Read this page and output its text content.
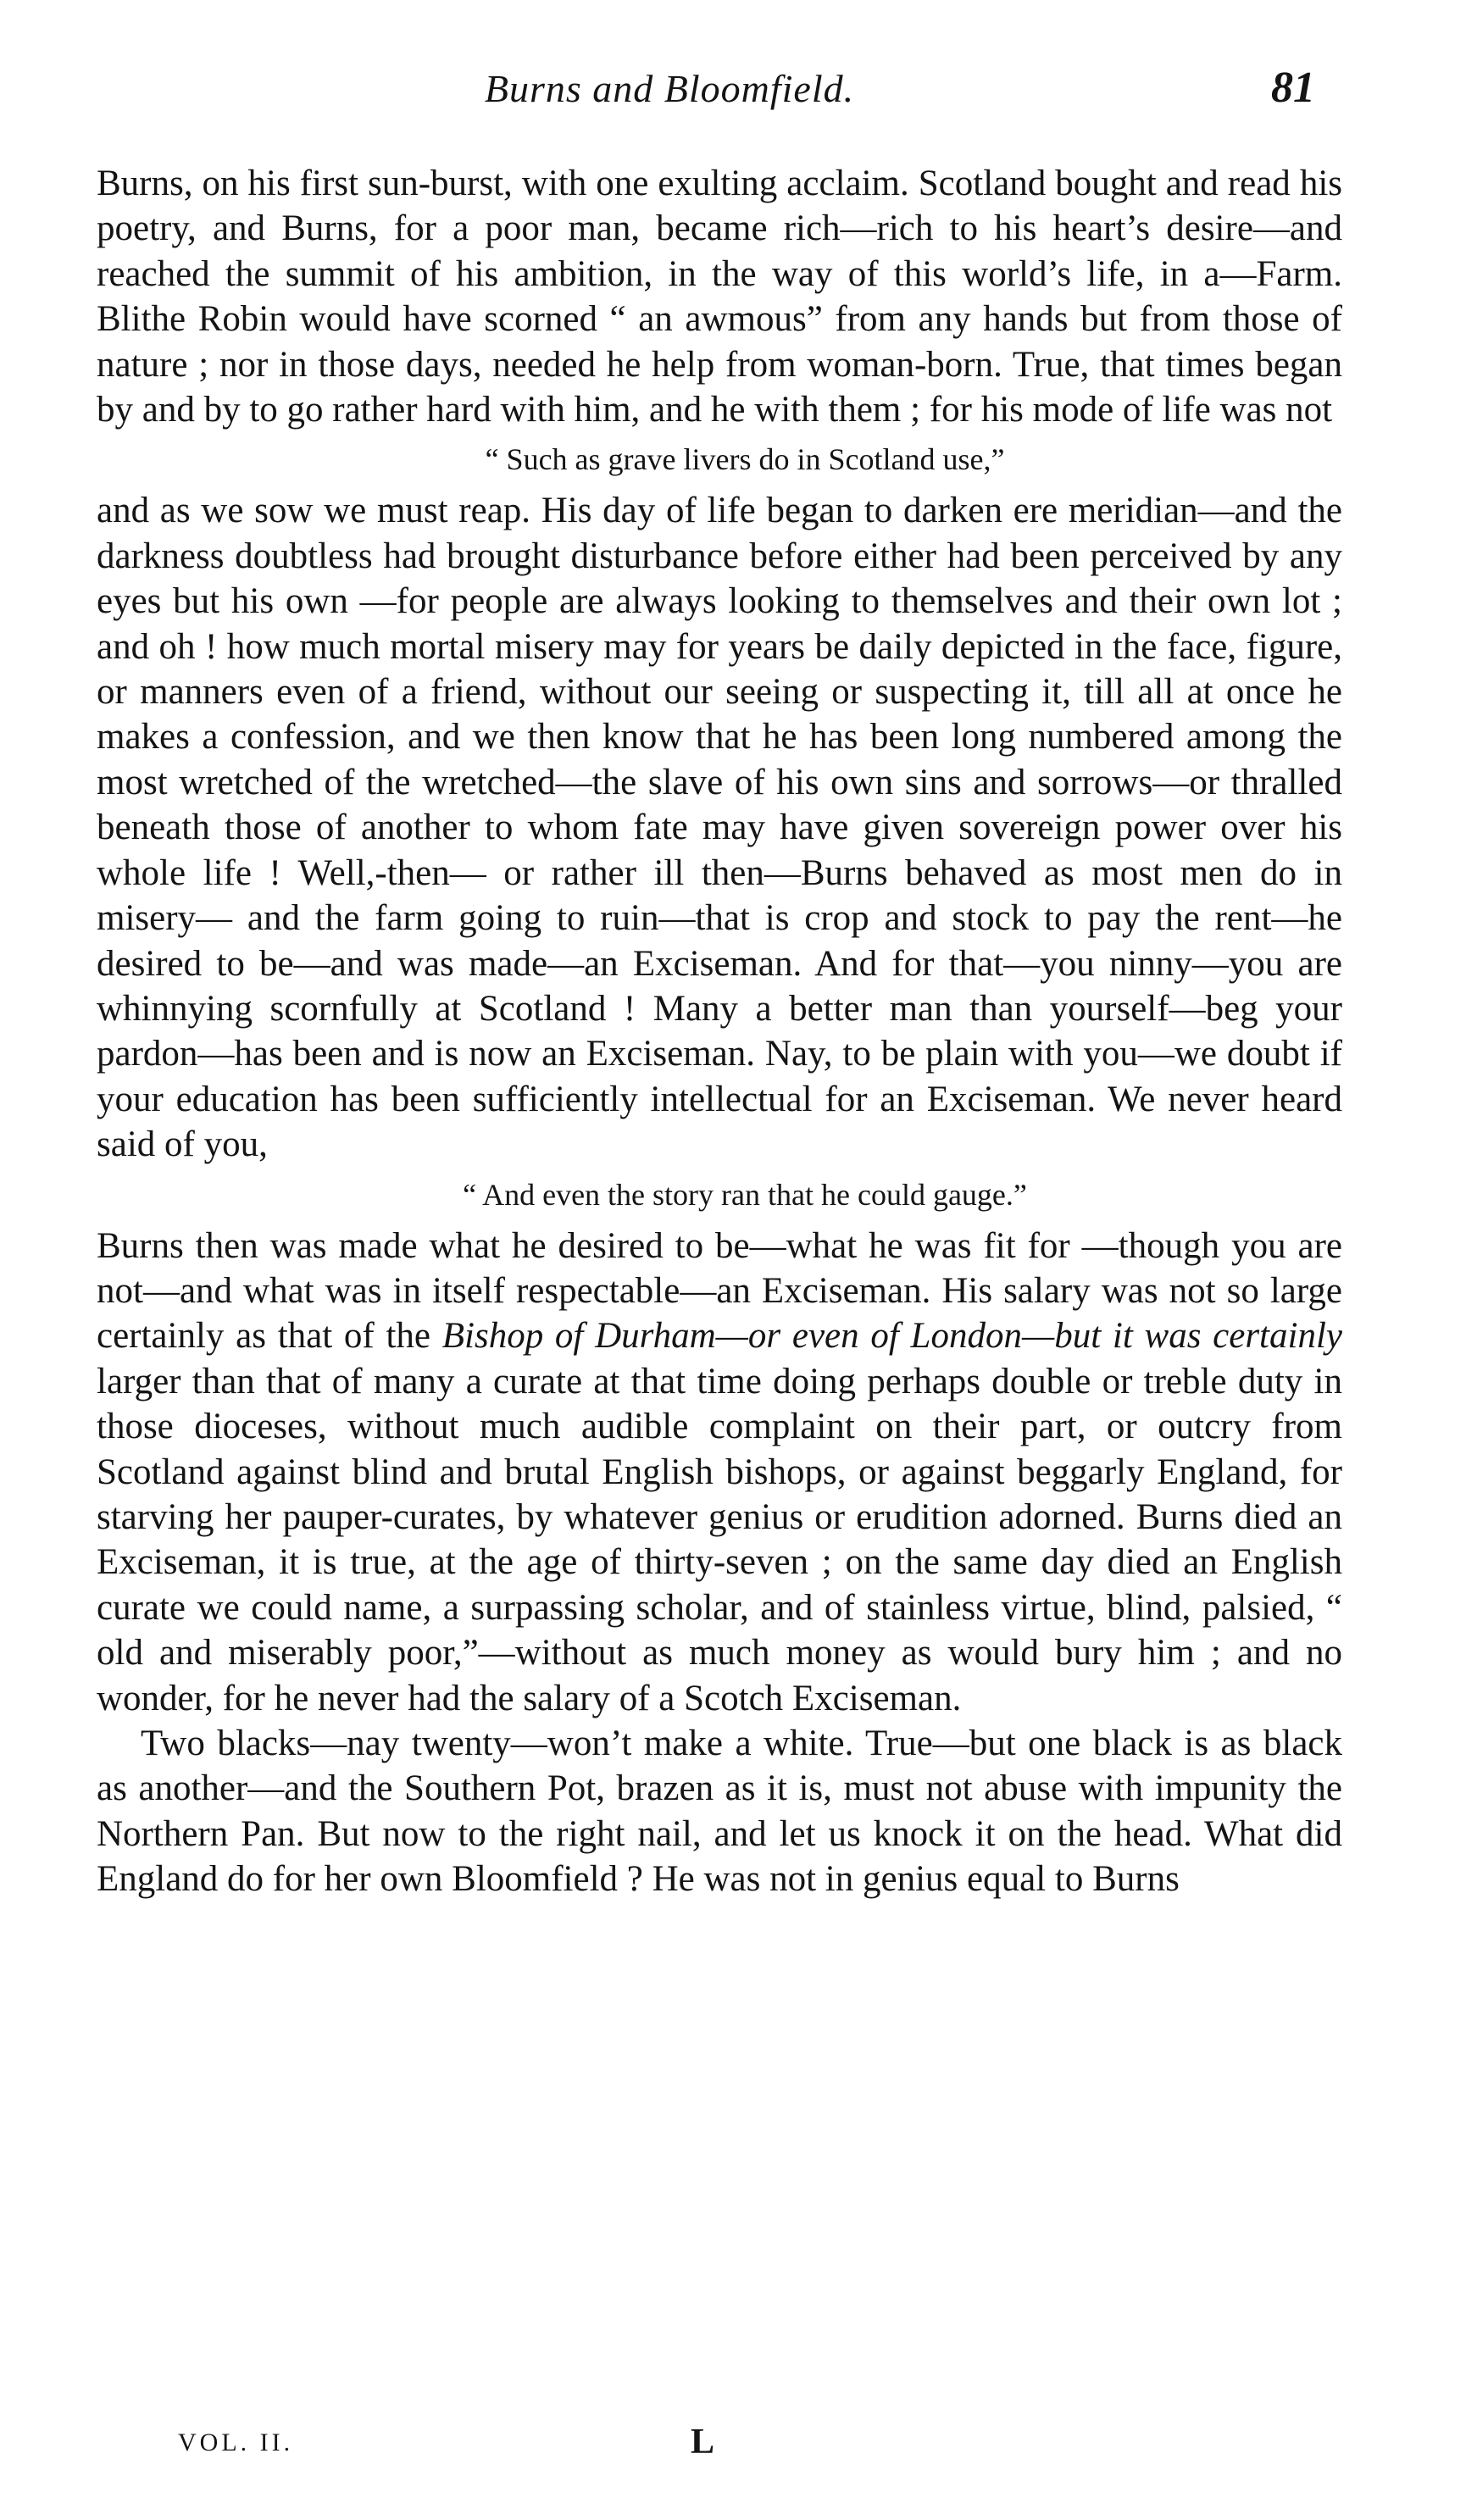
Burns and Bloomfield.	81

Burns, on his first sun-burst, with one exulting acclaim. Scotland bought and read his poetry, and Burns, for a poor man, became rich—rich to his heart’s desire—and reached the summit of his ambition, in the way of this world’s life, in a—Farm. Blithe Robin would have scorned “ an awmous” from any hands but from those of nature ; nor in those days, needed he help from woman-born. True, that times began by and by to go rather hard with him, and he with them ; for his mode of life was not

“ Such as grave livers do in Scotland use,”

and as we sow we must reap. His day of life began to darken ere meridian—and the darkness doubtless had brought disturbance before either had been perceived by any eyes but his own —for people are always looking to themselves and their own lot ; and oh ! how much mortal misery may for years be daily depicted in the face, figure, or manners even of a friend, without our seeing or suspecting it, till all at once he makes a confession, and we then know that he has been long numbered among the most wretched of the wretched—the slave of his own sins and sorrows—or thralled beneath those of another to whom fate may have given sovereign power over his whole life ! Well,-then— or rather ill then—Burns behaved as most men do in misery— and the farm going to ruin—that is crop and stock to pay the rent—he desired to be—and was made—an Exciseman. And for that—you ninny—you are whinnying scornfully at Scotland ! Many a better man than yourself—beg your pardon—has been and is now an Exciseman. Nay, to be plain with you—we doubt if your education has been sufficiently intellectual for an Exciseman. We never heard said of you,

“ And even the story ran that he could gauge.”

Burns then was made what he desired to be—what he was fit for —though you are not—and what was in itself respectable—an Exciseman. His salary was not so large certainly as that of the Bishop of Durham—or even of London—but it was certainly larger than that of many a curate at that time doing perhaps double or treble duty in those dioceses, without much audible complaint on their part, or outcry from Scotland against blind and brutal English bishops, or against beggarly England, for starving her pauper-curates, by whatever genius or erudition adorned. Burns died an Exciseman, it is true, at the age of thirty-seven ; on the same day died an English curate we could name, a surpassing scholar, and of stainless virtue, blind, palsied, “ old and miserably poor,”—without as much money as would bury him ; and no wonder, for he never had the salary of a Scotch Exciseman.

Two blacks—nay twenty—won’t make a white. True—but one black is as black as another—and the Southern Pot, brazen as it is, must not abuse with impunity the Northern Pan. But now to the right nail, and let us knock it on the head. What did England do for her own Bloomfield ? He was not in genius equal to Burns

VOL. II.	L
